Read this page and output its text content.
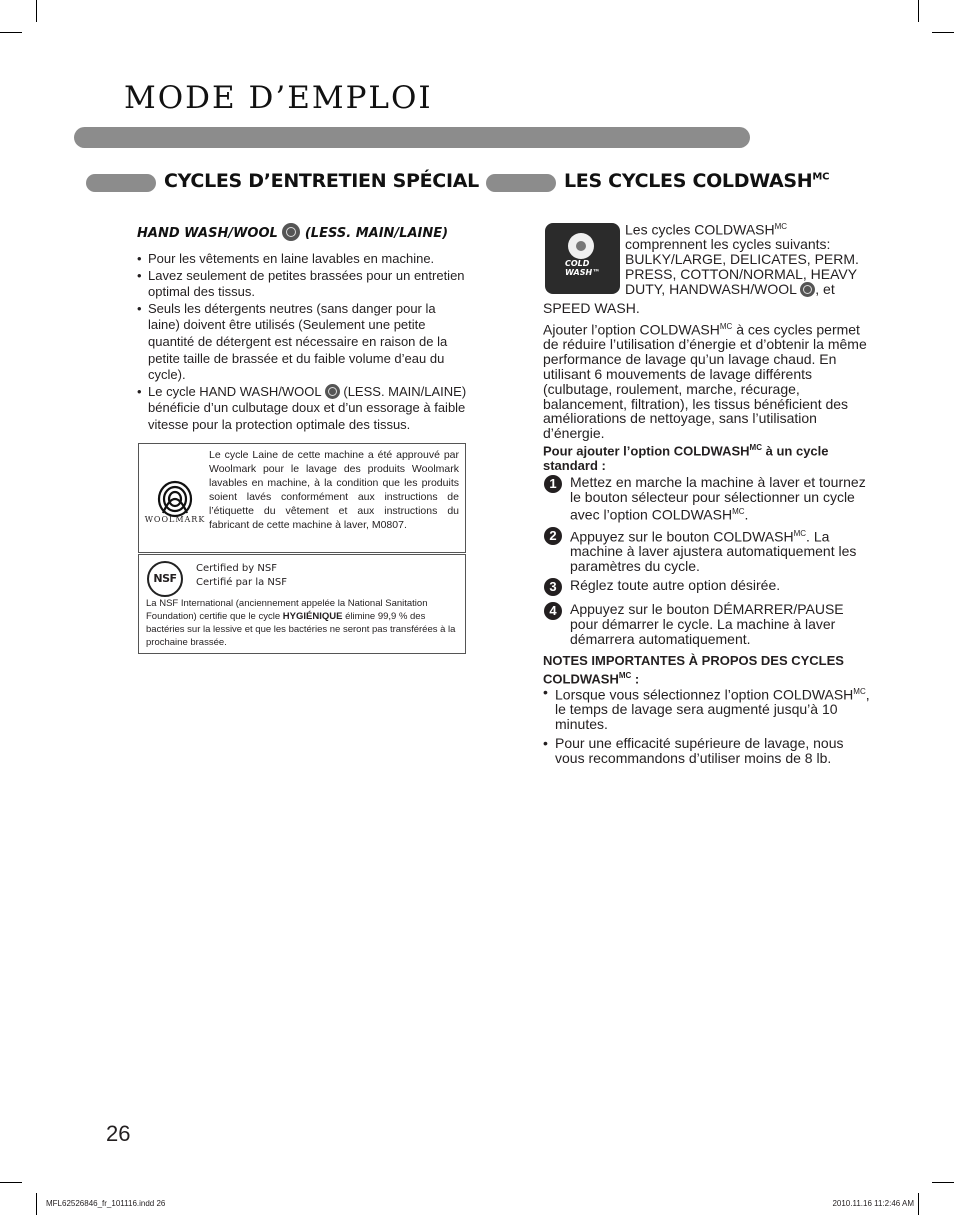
MODE D’EMPLOI
CYCLES D’ENTRETIEN SPÉCIAL
HAND WASH/WOOL (LESS. MAIN/LAINE)
• Pour les vêtements en laine lavables en machine.
• Lavez seulement de petites brassées pour un entretien optimal des tissus.
• Seuls les détergents neutres (sans danger pour la laine) doivent être utilisés (Seulement une petite quantité de détergent est nécessaire en raison de la petite taille de brassée et du faible volume d’eau du cycle).
• Le cycle HAND WASH/WOOL (LESS. MAIN/LAINE) bénéficie d’un culbutage doux et d’un essorage à faible vitesse pour la protection optimale des tissus.
WOOLMARK
Le cycle Laine de cette machine a été approuvé par Woolmark pour le lavage des produits Woolmark lavables en machine, à la condition que les produits soient lavés conformément aux instructions de l’étiquette du vêtement et aux instructions du fabricant de cette machine à laver, M0807.
NSF
Certified by NSF
Certifié par la NSF
La NSF International (anciennement appelée la National Sanitation Foundation) certifie que le cycle HYGIÉNIQUE élimine 99,9 % des bactéries sur la lessive et que les bactéries ne seront pas transférées à la prochaine brassée.
LES CYCLES $COLDWASH^{MC}$
COLD
WASH™
Les cycles $COLDWASH^{MC}$
comprennent les cycles suivants:
BULKY/LARGE, DELICATES, PERM.
PRESS, COTTON/NORMAL, HEAVY
DUTY, HANDWASH/WOOL , et
SPEED WASH.

Ajouter l’option $COLDWASH^{MC}$ à ces cycles permet de réduire l’utilisation d’énergie et d’obtenir la même performance de lavage qu’un lavage chaud. En utilisant 6 mouvements de lavage différents (culbutage, roulement, marche, récurage, balancement, filtration), les tissus bénéficient des améliorations de nettoyage, sans l’utilisation d’énergie.

Pour ajouter l’option $COLDWASH^{MC}$ à un cycle standard :

1 Mettez en marche la machine à laver et tournez le bouton sélecteur pour sélectionner un cycle avec l’option $COLDWASH^{MC}$.
2 Appuyez sur le bouton $COLDWASH^{MC}$. La machine à laver ajustera automatiquement les paramètres du cycle.
3 Réglez toute autre option désirée.
4 Appuyez sur le bouton DÉMARRER/PAUSE pour démarrer le cycle. La machine à laver démarrera automatiquement.

NOTES IMPORTANTES À PROPOS DES CYCLES $COLDWASH^{MC}$ :

• Lorsque vous sélectionnez l’option $COLDWASH^{MC}$, le temps de lavage sera augmenté jusqu’à 10 minutes.
• Pour une efficacité supérieure de lavage, nous vous recommandons d’utiliser moins de 8 lb.
26
MFL62526846_fr_101116.indd 26	2010.11.16 11:2:46 AM
